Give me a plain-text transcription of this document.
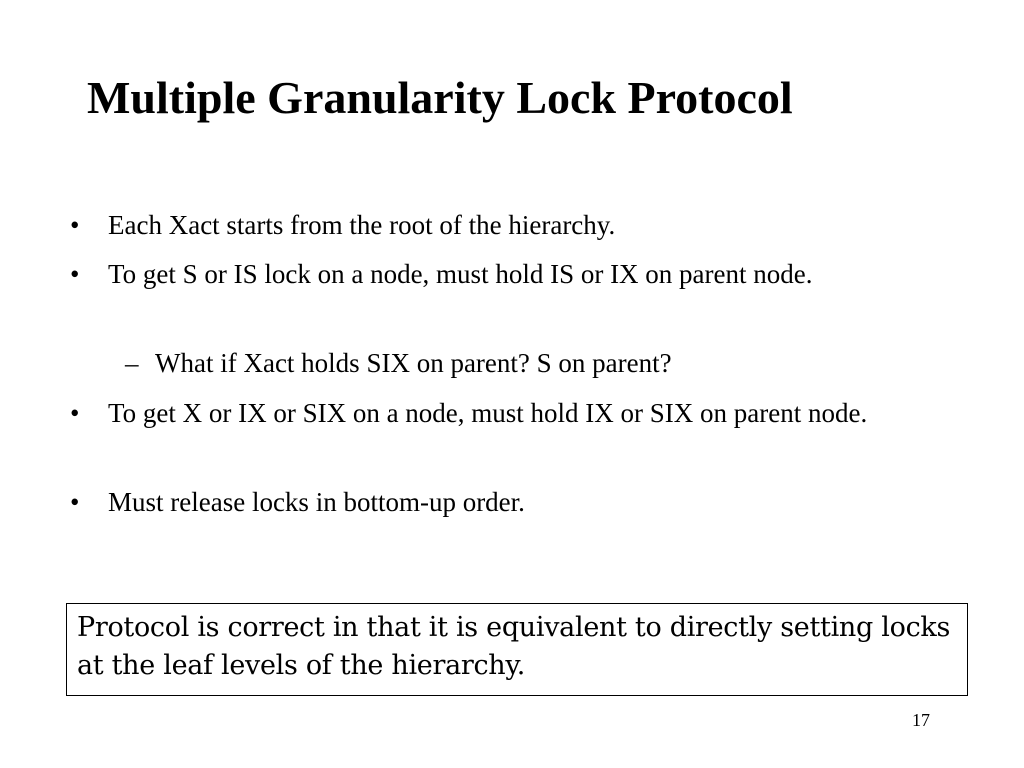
Multiple Granularity Lock Protocol
• Each Xact starts from the root of the hierarchy.
• To get S or IS lock on a node, must hold IS or IX on parent node.
– What if Xact holds SIX on parent? S on parent?
• To get X or IX or SIX on a node, must hold IX or SIX on parent node.
• Must release locks in bottom-up order.

Protocol is correct in that it is equivalent to directly setting locks at the leaf levels of the hierarchy.

17
